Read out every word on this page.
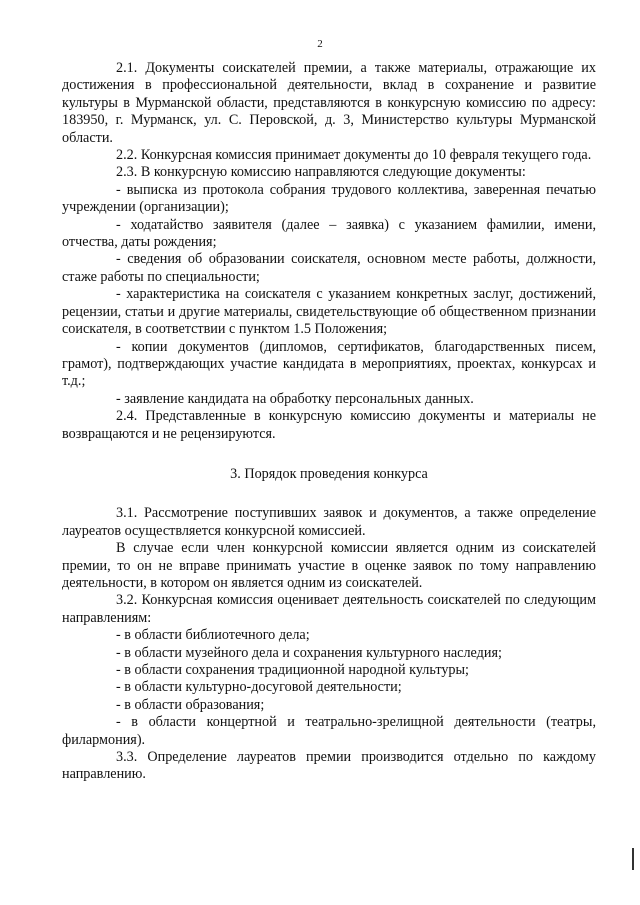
2

2.1. Документы соискателей премии, а также материалы, отражающие их достижения в профессиональной деятельности, вклад в сохранение и развитие культуры в Мурманской области, представляются в конкурсную комиссию по адресу: 183950, г. Мурманск, ул. С. Перовской, д. 3, Министерство культуры Мурманской области.

2.2. Конкурсная комиссия принимает документы до 10 февраля текущего года.

2.3. В конкурсную комиссию направляются следующие документы:

- выписка из протокола собрания трудового коллектива, заверенная печатью учреждении (организации);

- ходатайство заявителя (далее – заявка) с указанием фамилии, имени, отчества, даты рождения;

- сведения об образовании соискателя, основном месте работы, должности, стаже работы по специальности;

- характеристика на соискателя с указанием конкретных заслуг, достижений, рецензии, статьи и другие материалы, свидетельствующие об общественном признании соискателя, в соответствии с пунктом 1.5 Положения;

- копии документов (дипломов, сертификатов, благодарственных писем, грамот), подтверждающих участие кандидата в мероприятиях, проектах, конкурсах и т.д.;

- заявление кандидата на обработку персональных данных.

2.4. Представленные в конкурсную комиссию документы и материалы не возвращаются и не рецензируются.

3. Порядок проведения конкурса

3.1. Рассмотрение поступивших заявок и документов, а также определение лауреатов осуществляется конкурсной комиссией.

В случае если член конкурсной комиссии является одним из соискателей премии, то он не вправе принимать участие в оценке заявок по тому направлению деятельности, в котором он является одним из соискателей.

3.2. Конкурсная комиссия оценивает деятельность соискателей по следующим направлениям:

- в области библиотечного дела;

- в области музейного дела и сохранения культурного наследия;

- в области сохранения традиционной народной культуры;

- в области культурно-досуговой деятельности;

- в области образования;

- в области концертной и театрально-зрелищной деятельности (театры, филармония).

3.3. Определение лауреатов премии производится отдельно по каждому направлению.
